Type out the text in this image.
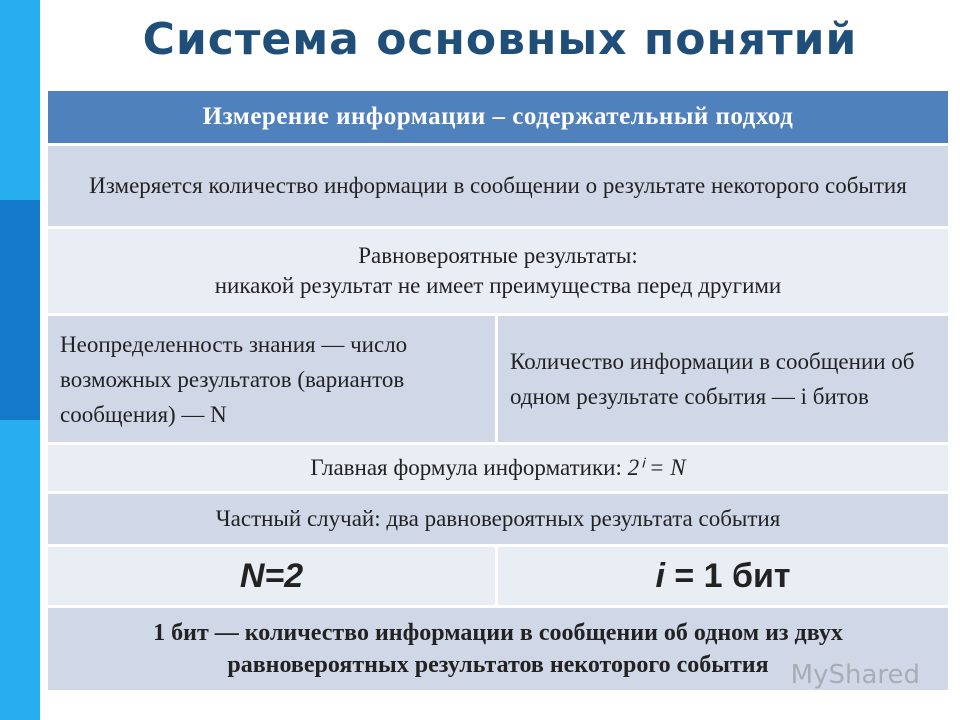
Система основных понятий
Измерение информации – содержательный подход	
Измеряется количество информации в сообщении о результате некоторого события	
Равновероятные результаты:
никакой результат не имеет преимущества перед другими	
Неопределенность знания — число возможных результатов (вариантов сообщения) — N	Количество информации в сообщении об одном результате события — i битов
Главная формула информатики: 2ⁱ = N	
Частный случай: два равновероятных результата события	
N=2	i = 1 бит
1 бит — количество информации в сообщении об одном из двух равновероятных результатов некоторого события	MyShared
